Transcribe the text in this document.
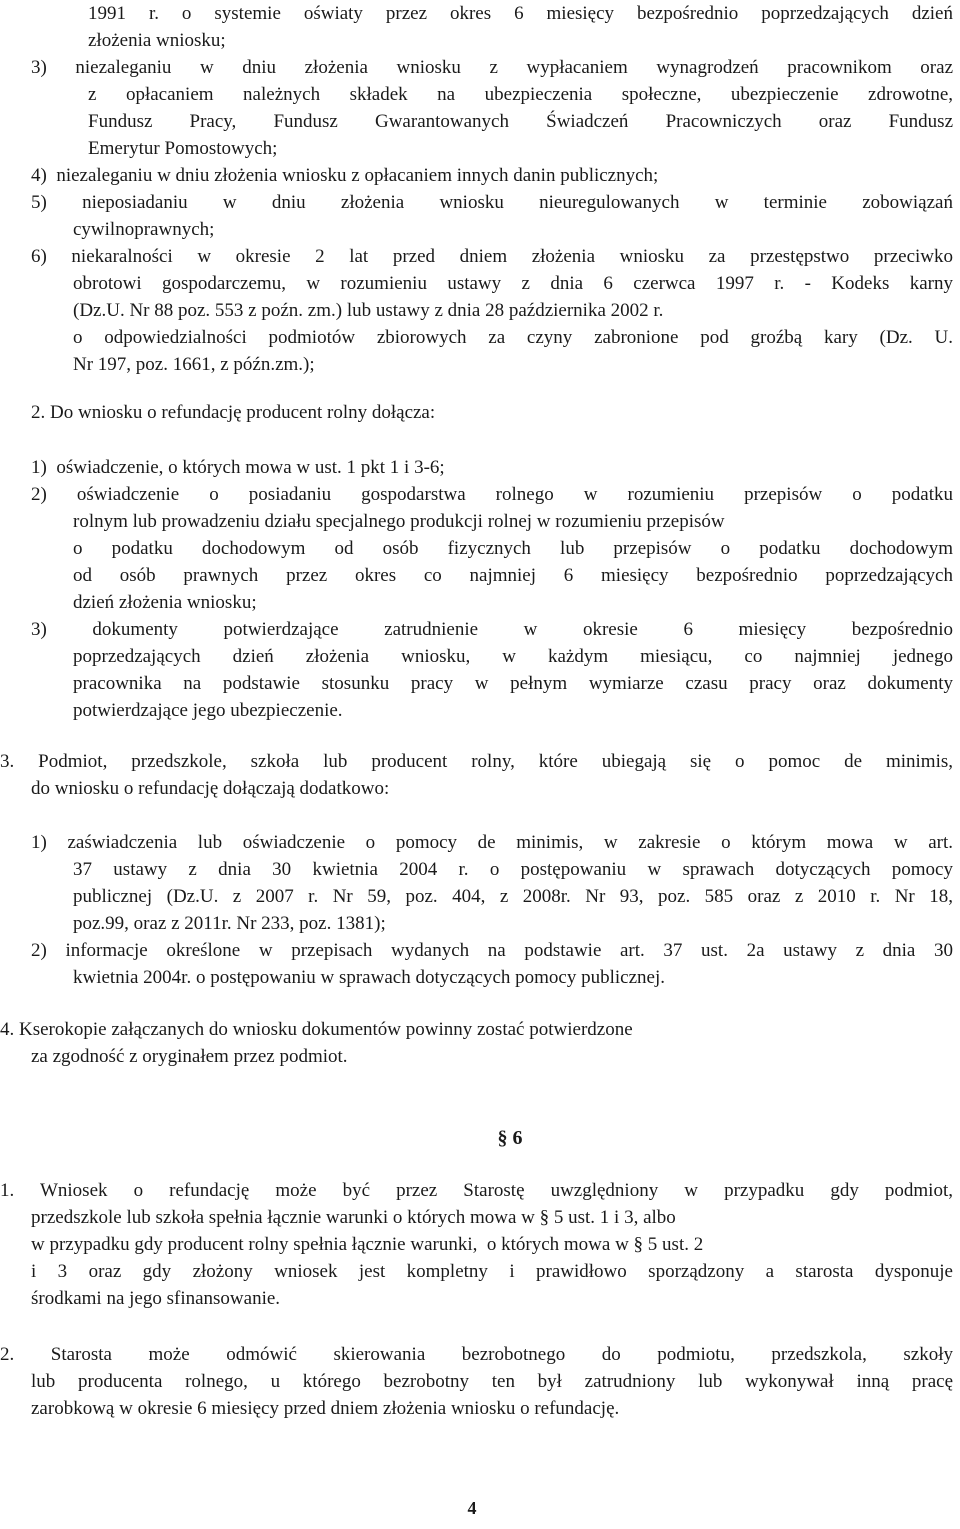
1991 r. o systemie oświaty przez okres 6 miesięcy bezpośrednio poprzedzających dzień
złożenia wniosku;
3) niezaleganiu w dniu złożenia wniosku z wypłacaniem wynagrodzeń pracownikom oraz
z opłacaniem należnych składek na ubezpieczenia społeczne, ubezpieczenie zdrowotne,
Fundusz Pracy, Fundusz Gwarantowanych Świadczeń Pracowniczych oraz Fundusz
Emerytur Pomostowych;
4)  niezaleganiu w dniu złożenia wniosku z opłacaniem innych danin publicznych;
5) nieposiadaniu w dniu złożenia wniosku nieuregulowanych w terminie zobowiązań
cywilnoprawnych;
6) niekaralności w okresie 2 lat przed dniem złożenia wniosku za przestępstwo przeciwko
obrotowi gospodarczemu, w rozumieniu ustawy z dnia 6 czerwca 1997 r. - Kodeks karny
(Dz.U. Nr 88 poz. 553 z poźn. zm.) lub ustawy z dnia 28 października 2002 r.
o odpowiedzialności podmiotów zbiorowych za czyny zabronione pod groźbą kary (Dz. U.
Nr 197, poz. 1661, z późn.zm.);
2. Do wniosku o refundację producent rolny dołącza:
1)  oświadczenie, o których mowa w ust. 1 pkt 1 i 3-6;
2) oświadczenie o posiadaniu gospodarstwa rolnego w rozumieniu przepisów o podatku
rolnym lub prowadzeniu działu specjalnego produkcji rolnej w rozumieniu przepisów
o podatku dochodowym od osób fizycznych lub przepisów o podatku dochodowym
od osób prawnych przez okres co najmniej 6 miesięcy bezpośrednio poprzedzających
dzień złożenia wniosku;
3) dokumenty potwierdzające zatrudnienie w okresie 6 miesięcy bezpośrednio
poprzedzających dzień złożenia wniosku, w każdym miesiącu, co najmniej jednego
pracownika na podstawie stosunku pracy w pełnym wymiarze czasu pracy oraz dokumenty
potwierdzające jego ubezpieczenie.
3. Podmiot, przedszkole, szkoła lub producent rolny, które ubiegają się o pomoc de minimis,
do wniosku o refundację dołączają dodatkowo:
1) zaświadczenia lub oświadczenie o pomocy de minimis, w zakresie o którym mowa w art.
37 ustawy z dnia 30 kwietnia 2004 r. o postępowaniu w sprawach dotyczących pomocy
publicznej (Dz.U. z 2007 r. Nr 59, poz. 404, z 2008r. Nr 93, poz. 585 oraz z 2010 r. Nr 18,
poz.99, oraz z 2011r. Nr 233, poz. 1381);
2) informacje określone w przepisach wydanych na podstawie art. 37 ust. 2a ustawy z dnia 30
kwietnia 2004r. o postępowaniu w sprawach dotyczących pomocy publicznej.
4. Kserokopie załączanych do wniosku dokumentów powinny zostać potwierdzone
za zgodność z oryginałem przez podmiot.
1. Wniosek o refundację może być przez Starostę uwzględniony w przypadku gdy podmiot,
przedszkole lub szkoła spełnia łącznie warunki o których mowa w § 5 ust. 1 i 3, albo
w przypadku gdy producent rolny spełnia łącznie warunki,  o których mowa w § 5 ust. 2
i 3 oraz gdy złożony wniosek jest kompletny i prawidłowo sporządzony a starosta dysponuje
środkami na jego sfinansowanie.
2. Starosta może odmówić skierowania bezrobotnego do podmiotu, przedszkola, szkoły
lub producenta rolnego, u którego bezrobotny ten był zatrudniony lub wykonywał inną pracę
zarobkową w okresie 6 miesięcy przed dniem złożenia wniosku o refundację.
§ 6
4
